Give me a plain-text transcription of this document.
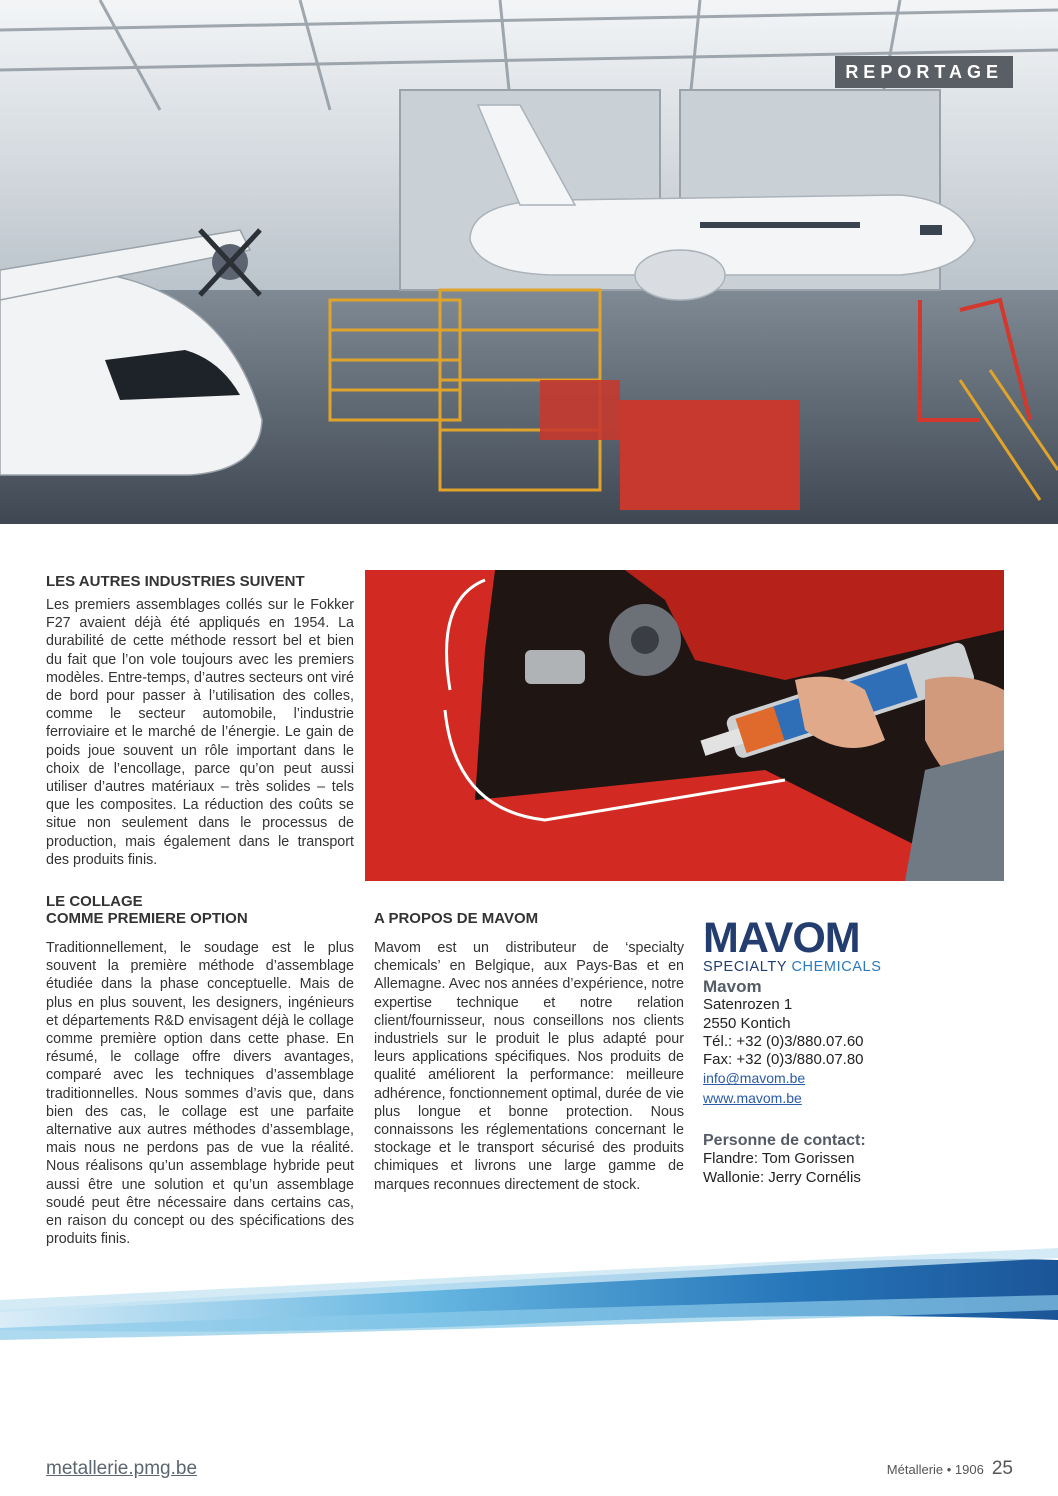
REPORTAGE
LES AUTRES INDUSTRIES SUIVENT

Les premiers assemblages collés sur le Fokker F27 avaient déjà été appliqués en 1954. La durabilité de cette méthode ressort bel et bien du fait que l’on vole toujours avec les premiers modèles. Entre-temps, d’autres secteurs ont viré de bord pour passer à l’utilisation des colles, comme le secteur automobile, l’industrie ferroviaire et le marché de l’énergie. Le gain de poids joue souvent un rôle important dans le choix de l’encollage, parce qu’on peut aussi utiliser d’autres matériaux – très solides – tels que les composites. La réduction des coûts se situe non seulement dans le processus de production, mais également dans le transport des produits finis.

LE COLLAGE
COMME PREMIERE OPTION

Traditionnellement, le soudage est le plus souvent la première méthode d’assemblage étudiée dans la phase conceptuelle. Mais de plus en plus souvent, les designers, ingénieurs et départements R&D envisagent déjà le collage comme première option dans cette phase. En résumé, le collage offre divers avantages, comparé avec les techniques d’assemblage traditionnelles. Nous sommes d’avis que, dans bien des cas, le collage est une parfaite alternative aux autres méthodes d’assemblage, mais nous ne perdons pas de vue la réalité. Nous réalisons qu’un assemblage hybride peut aussi être une solution et qu’un assemblage soudé peut être nécessaire dans certains cas, en raison du concept ou des spécifications des produits finis.

A PROPOS DE MAVOM

Mavom est un distributeur de ‘specialty chemicals’ en Belgique, aux Pays-Bas et en Allemagne. Avec nos années d’expérience, notre expertise technique et notre relation client/fournisseur, nous conseillons nos clients industriels sur le produit le plus adapté pour leurs applications spécifiques. Nos produits de qualité améliorent la performance: meilleure adhérence, fonctionnement optimal, durée de vie plus longue et bonne protection. Nous connaissons les réglementations concernant le stockage et le transport sécurisé des produits chimiques et livrons une large gamme de marques reconnues directement de stock.

MAVOM
SPECIALTY CHEMICALS
Mavom
Satenrozen 1
2550 Kontich
Tél.: +32 (0)3/880.07.60
Fax: +32 (0)3/880.07.80
info@mavom.be
www.mavom.be
Personne de contact:
Flandre: Tom Gorissen
Wallonie: Jerry Cornélis
metallerie.pmg.be	Métallerie • 1906 25
